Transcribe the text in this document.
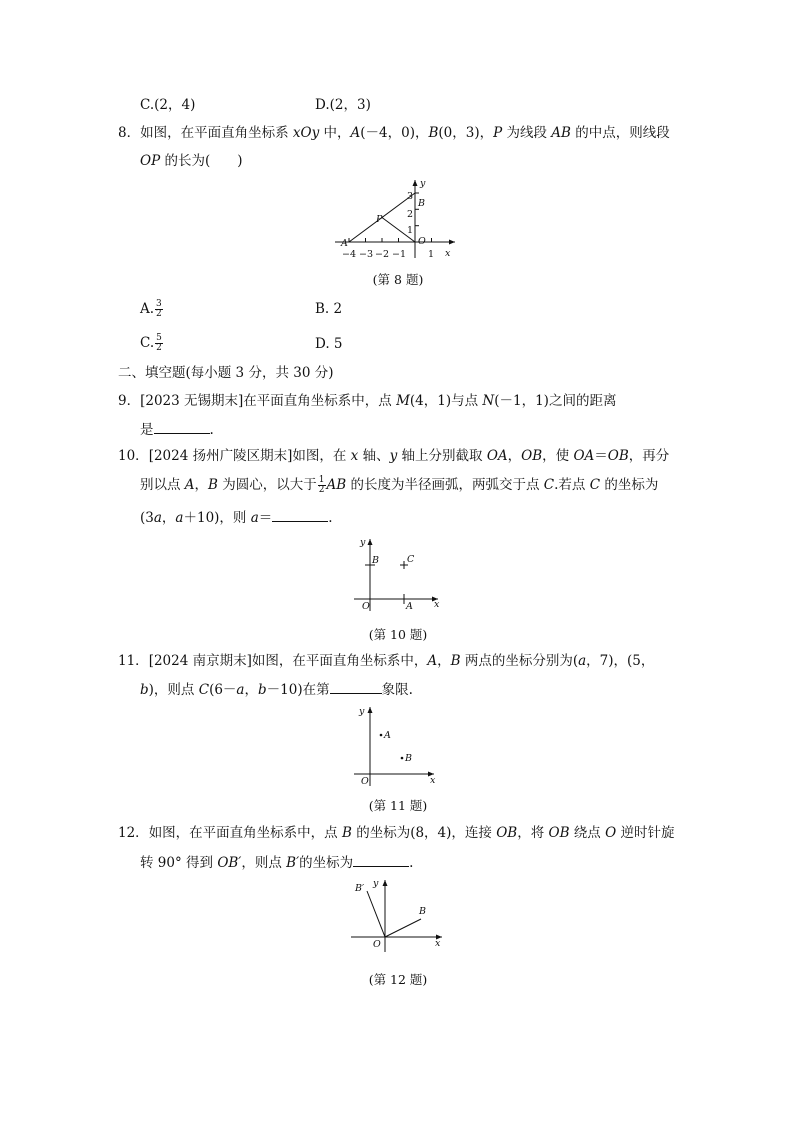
C.(2，4)	D.(2，3)
8．如图，在平面直角坐标系 xOy 中，A(－4，0)，B(0，3)，P 为线段 AB 的中点，则线段
OP 的长为(　　)
A
B
P
O
x
y
−4 −3 −2 −1 1
1
2
3
(第 8 题)
A. $\frac{3}{2}$	B. 2
C. $\frac{5}{2}$	D. 5
二、填空题(每小题 3 分，共 30 分)
9．[2023 无锡期末]在平面直角坐标系中，点 M(4，1)与点 N(－1，1)之间的距离
是	.
10．[2024 扬州广陵区期末]如图，在 x 轴、y 轴上分别截取 OA，OB，使 OA＝OB，再分
别以点 A，B 为圆心，以大于 $\frac{1}{2}$ AB 的长度为半径画弧，两弧交于点 C.若点 C 的坐标为
(3a，a＋10)，则 a＝	.
B	C
O	A x
y
(第 10 题)
11．[2024 南京期末]如图，在平面直角坐标系中，A，B 两点的坐标分别为(a，7)，(5，
b)，则点 C(6－a，b－10)在第	象限.
A
B
O	x
y
(第 11 题)
12．如图，在平面直角坐标系中，点 B 的坐标为(8，4)，连接 OB，将 OB 绕点 O 逆时针旋
转 90° 得到 OB′，则点 B′的坐标为	.
B
B′
O	x
y
(第 12 题)
